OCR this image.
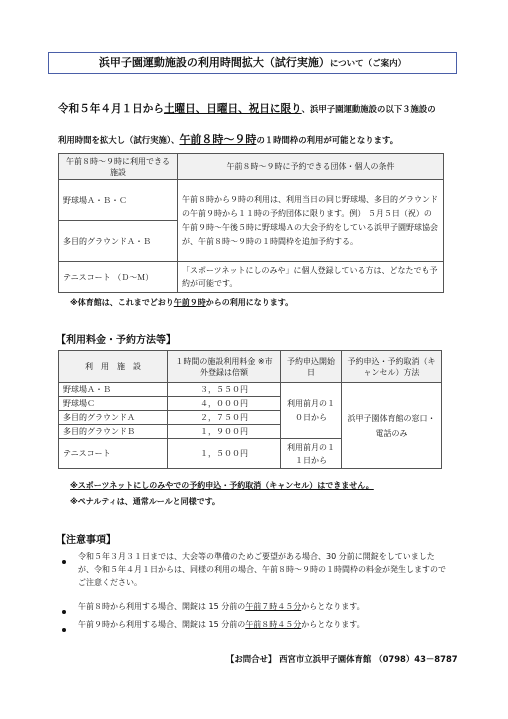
浜甲子園運動施設の利用時間拡大（試行実施）について（ご案内）
令和５年４月１日から土曜日、日曜日、祝日に限り、浜甲子園運動施設の以下３施設の
利用時間を拡大し（試行実施）、午前８時～９時の１時間枠の利用が可能となります。
午前８時～９時に利用できる施設	午前８時～９時に予約できる団体・個人の条件
野球場Ａ・Ｂ・Ｃ	午前８時から９時の利用は、利用当日の同じ野球場、多目的グラウンドの午前９時から１１時の予約団体に限ります。例） ５月５日（祝）の午前９時～午後５時に野球場Ａの大会予約をしている浜甲子園野球協会が、午前８時～９時の１時間枠を追加予約する。
多目的グラウンドＡ・Ｂ	
テニスコート （Ｄ～Ｍ）	「スポーツネットにしのみや」に個人登録している方は、どなたでも予約が可能です。
※体育館は、これまでどおり午前９時からの利用になります。
【利用料金・予約方法等】
利　用　施　設	１時間の施設利用料金 ※市外登録は倍額	予約申込開始日	予約申込・予約取消（キャンセル）方法
野球場Ａ・Ｂ	３，５５０円	利用前月の１０日から	浜甲子園体育館の窓口・電話のみ
野球場Ｃ	４，０００円		
多目的グラウンドＡ	２，７５０円		
多目的グラウンドＢ	１，９００円		
テニスコート	１，５００円	利用前月の１１日から	
※スポーツネットにしのみやでの予約申込・予約取消（キャンセル）はできません。
※ペナルティは、通常ルールと同様です。
【注意事項】
令和５年３月３１日までは、大会等の準備のためご要望がある場合、30 分前に開錠をしていましたが、令和５年４月１日からは、同様の利用の場合、午前８時～９時の１時間枠の料金が発生しますのでご注意ください。
午前８時から利用する場合、開錠は 15 分前の午前７時４５分からとなります。
午前９時から利用する場合、開錠は 15 分前の午前８時４５分からとなります。
【お問合せ】 西宮市立浜甲子園体育館 （0798）43－8787
